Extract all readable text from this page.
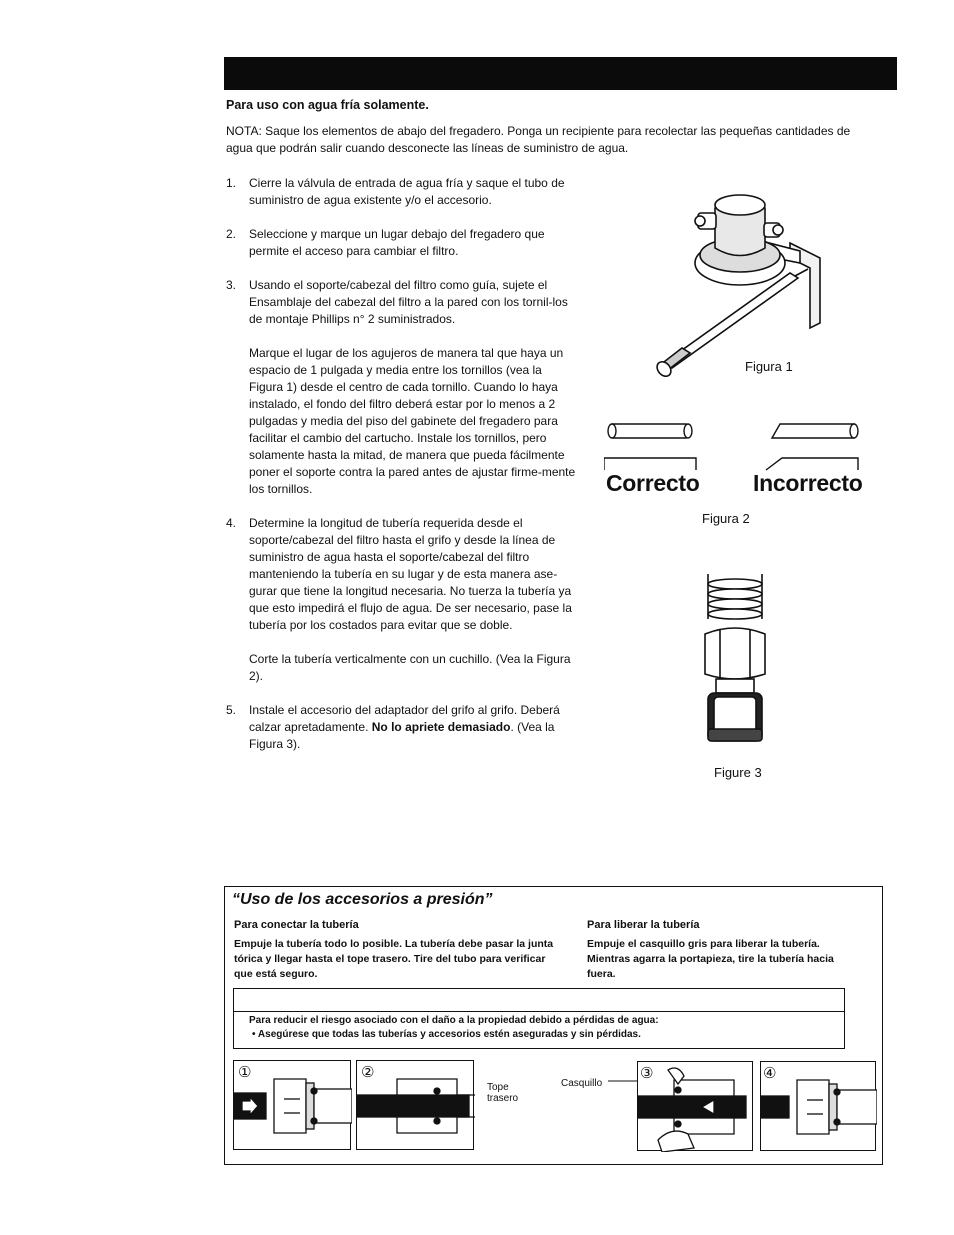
Para uso con agua fría solamente.
NOTA: Saque los elementos de abajo del fregadero. Ponga un recipiente para recolectar las pequeñas cantidades de agua que podrán salir cuando desconecte las líneas de suministro de agua.
1. Cierre la válvula de entrada de agua fría y saque el tubo de suministro de agua existente y/o el accesorio.

2. Seleccione y marque un lugar debajo del fregadero que permite el acceso para cambiar el filtro.

3. Usando el soporte/cabezal del filtro como guía, sujete el Ensamblaje del cabezal del filtro a la pared con los tornil-los de montaje Phillips n° 2 suministrados.

Marque el lugar de los agujeros de manera tal que haya un espacio de 1 pulgada y media entre los tornillos (vea la Figura 1) desde el centro de cada tornillo. Cuando lo haya instalado, el fondo del filtro deberá estar por lo menos a 2 pulgadas y media del piso del gabinete del fregadero para facilitar el cambio del cartucho. Instale los tornillos, pero solamente hasta la mitad, de manera que pueda fácilmente poner el soporte contra la pared antes de ajustar firme-mente los tornillos.

4. Determine la longitud de tubería requerida desde el soporte/cabezal del filtro hasta el grifo y desde la línea de suministro de agua hasta el soporte/cabezal del filtro manteniendo la tubería en su lugar y de esta manera ase-gurar que tiene la longitud necesaria. No tuerza la tubería ya que esto impedirá el flujo de agua. De ser necesario, pase la tubería por los costados para evitar que se doble.

Corte la tubería verticalmente con un cuchillo. (Vea la Figura 2).

5. Instale el accesorio del adaptador del grifo al grifo. Deberá calzar apretadamente. No lo apriete demasiado. (Vea la Figura 3).

Figura 1
Correcto Incorrecto
Figura 2
Figure 3
“Uso de los accesorios a presión”
Para conectar la tubería
Empuje la tubería todo lo posible. La tubería debe pasar la junta tórica y llegar hasta el tope trasero. Tire del tubo para verificar que está seguro.
Para liberar la tubería
Empuje el casquillo gris para liberar la tubería. Mientras agarra la portapieza, tire la tubería hacia fuera.
Para reducir el riesgo asociado con el daño a la propiedad debido a pérdidas de agua:
• Asegúrese que todas las tuberías y accesorios estén aseguradas y sin pérdidas.
①	②
Tope trasero
Casquillo
③	④
